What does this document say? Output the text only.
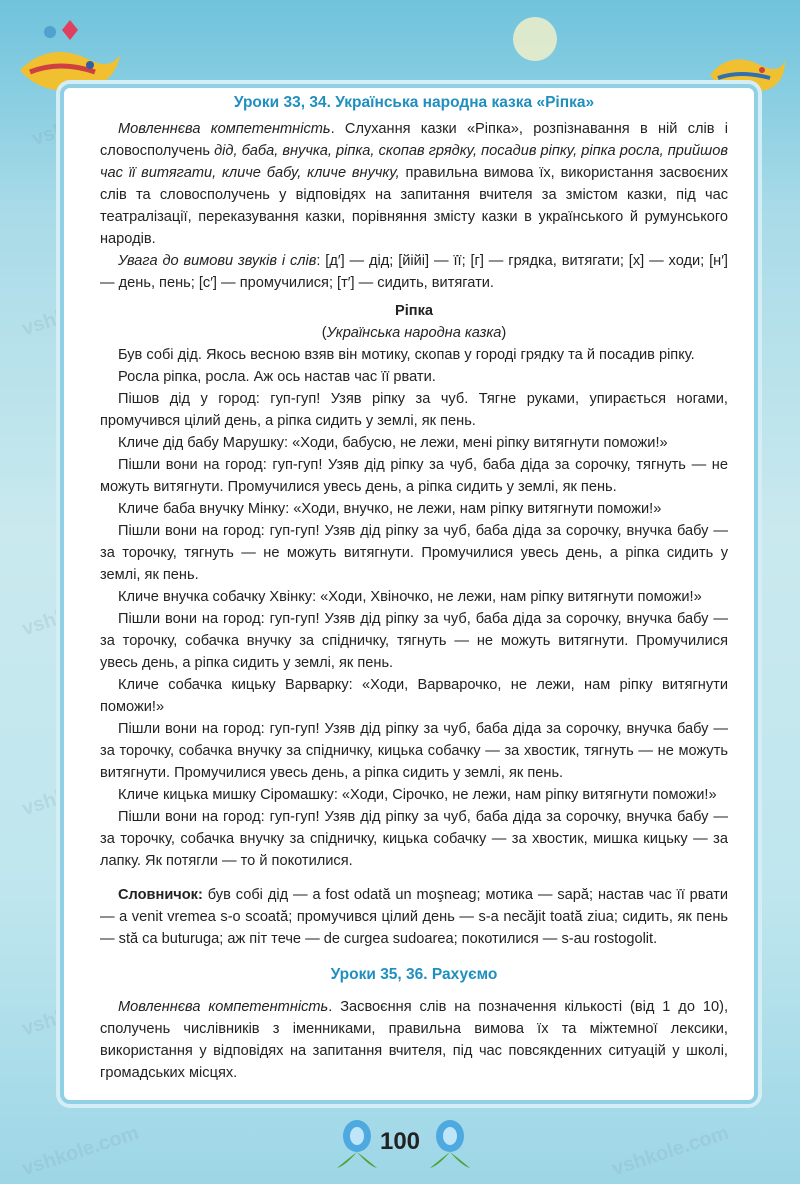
vshkole.com	vshkole.com
Уроки 33, 34. Українська народна казка «Ріпка»

Мовленнєва компетентність. Слухання казки «Ріпка», розпізнавання в ній слів і словосполучень дід, баба, внучка, ріпка, скопав грядку, посадив ріпку, ріпка росла, прийшов час її витягати, кличе бабу, кличе внучку, правильна вимова їх, використання засвоєних слів та словосполучень у відповідях на запитання вчителя за змістом казки, під час театралізації, переказування казки, порівняння змісту казки в українського й румунського народів.

Увага до вимови звуків і слів: [д′] — дід; [йійі] — її; [г] — грядка, витягати; [х] — ходи; [н′] — день, пень; [с′] — промучилися; [т′] — сидить, витягати.

Ріпка

(Українська народна казка)

Був собі дід. Якось весною взяв він мотику, скопав у городі грядку та й посадив ріпку.

Росла ріпка, росла. Аж ось настав час її рвати.

Пішов дід у город: гуп-гуп! Узяв ріпку за чуб. Тягне руками, упирається ногами, промучився цілий день, а ріпка сидить у землі, як пень.

Кличе дід бабу Марушку: «Ходи, бабусю, не лежи, мені ріпку витягнути поможи!»

Пішли вони на город: гуп-гуп! Узяв дід ріпку за чуб, баба діда за сорочку, тягнуть — не можуть витягнути. Промучилися увесь день, а ріпка сидить у землі, як пень.

Кличе баба внучку Мінку: «Ходи, внучко, не лежи, нам ріпку витягнути поможи!»

Пішли вони на город: гуп-гуп! Узяв дід ріпку за чуб, баба діда за сорочку, внучка бабу — за торочку, тягнуть — не можуть витягнути. Промучилися увесь день, а ріпка сидить у землі, як пень.

Кличе внучка собачку Хвінку: «Ходи, Хвіночко, не лежи, нам ріпку витягнути поможи!»

Пішли вони на город: гуп-гуп! Узяв дід ріпку за чуб, баба діда за сорочку, внучка бабу — за торочку, собачка внучку за спідничку, тягнуть — не можуть витягнути. Промучилися увесь день, а ріпка сидить у землі, як пень.

Кличе собачка кицьку Варварку: «Ходи, Варварочко, не лежи, нам ріпку витягнути поможи!»

Пішли вони на город: гуп-гуп! Узяв дід ріпку за чуб, баба діда за сорочку, внучка бабу — за торочку, собачка внучку за спідничку, кицька собачку — за хвостик, тягнуть — не можуть витягнути. Промучилися увесь день, а ріпка сидить у землі, як пень.

Кличе кицька мишку Сіромашку: «Ходи, Сірочко, не лежи, нам ріпку витягнути поможи!»

Пішли вони на город: гуп-гуп! Узяв дід ріпку за чуб, баба діда за сорочку, внучка бабу — за торочку, собачка внучку за спідничку, кицька собачку — за хвостик, мишка кицьку — за лапку. Як потягли — то й покотилися.

Словничок: був собі дід — a fost odată un moşneag; мотика — sapă; настав час її рвати — a venit vremea s-o scoată; промучився цілий день — s-a necăjit toată ziua; сидить, як пень — stă ca buturuga; аж піт тече — de curgea sudoarea; покотилися — s-au rostogolit.

Уроки 35, 36. Рахуємо

Мовленнєва компетентність. Засвоєння слів на позначення кількості (від 1 до 10), сполучень числівників з іменниками, правильна вимова їх та міжтемної лексики, використання у відповідях на запитання вчителя, під час повсякденних ситуацій у школі, громадських місцях.

100
